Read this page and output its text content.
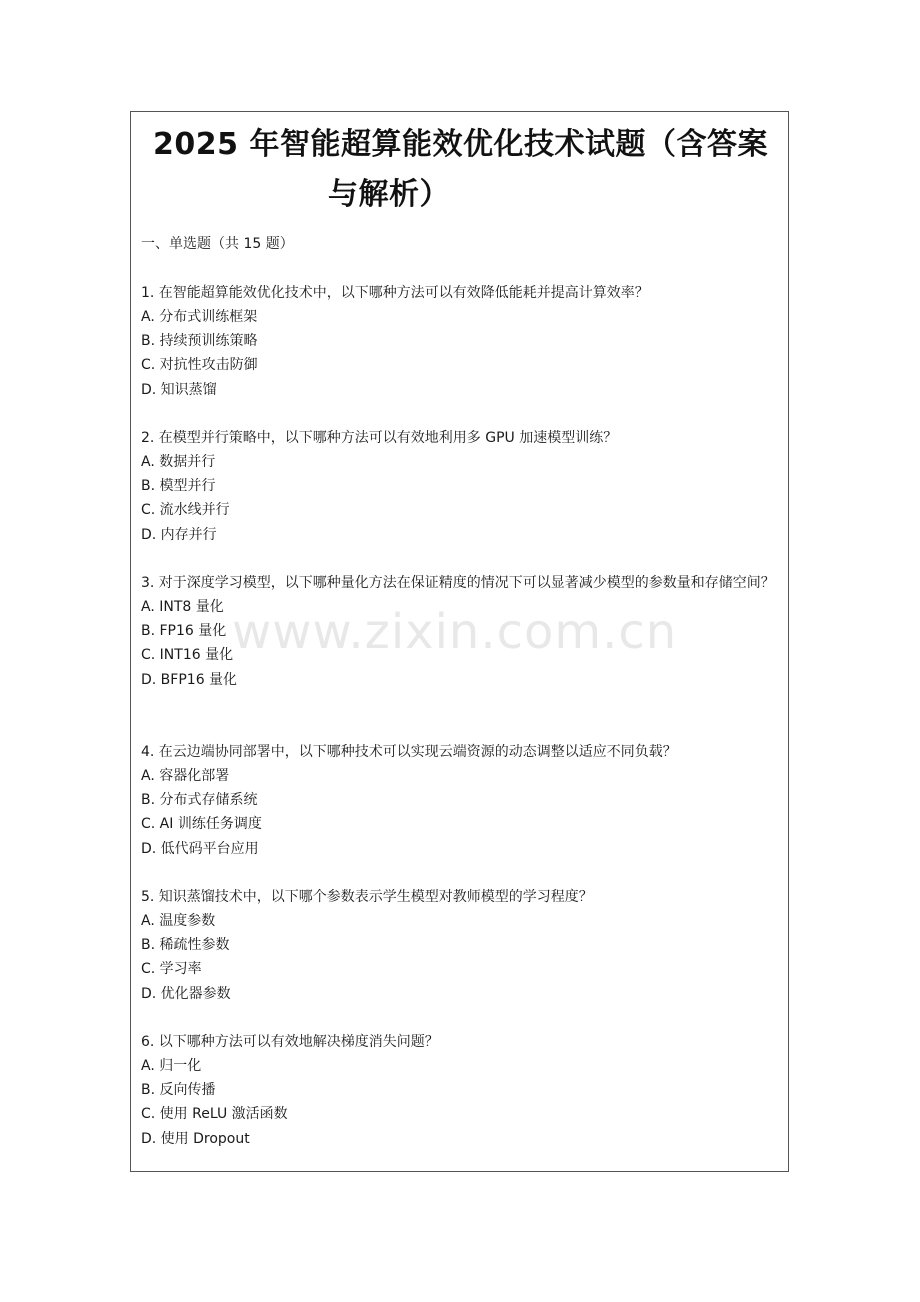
2025 年智能超算能效优化技术试题（含答案
与解析）

一、单选题（共 15 题）

1. 在智能超算能效优化技术中，以下哪种方法可以有效降低能耗并提高计算效率？

A. 分布式训练框架

B. 持续预训练策略

C. 对抗性攻击防御

D. 知识蒸馏

2. 在模型并行策略中，以下哪种方法可以有效地利用多 GPU 加速模型训练？

A. 数据并行

B. 模型并行

C. 流水线并行

D. 内存并行

3. 对于深度学习模型，以下哪种量化方法在保证精度的情况下可以显著减少模型的参数量和存储空间？

A. INT8 量化

B. FP16 量化

C. INT16 量化

D. BFP16 量化

4. 在云边端协同部署中，以下哪种技术可以实现云端资源的动态调整以适应不同负载？

A. 容器化部署

B. 分布式存储系统

C. AI 训练任务调度

D. 低代码平台应用

5. 知识蒸馏技术中，以下哪个参数表示学生模型对教师模型的学习程度？

A. 温度参数

B. 稀疏性参数

C. 学习率

D. 优化器参数

6. 以下哪种方法可以有效地解决梯度消失问题？

A. 归一化

B. 反向传播

C. 使用 ReLU 激活函数

D. 使用 Dropout

www.zixin.com.cn
